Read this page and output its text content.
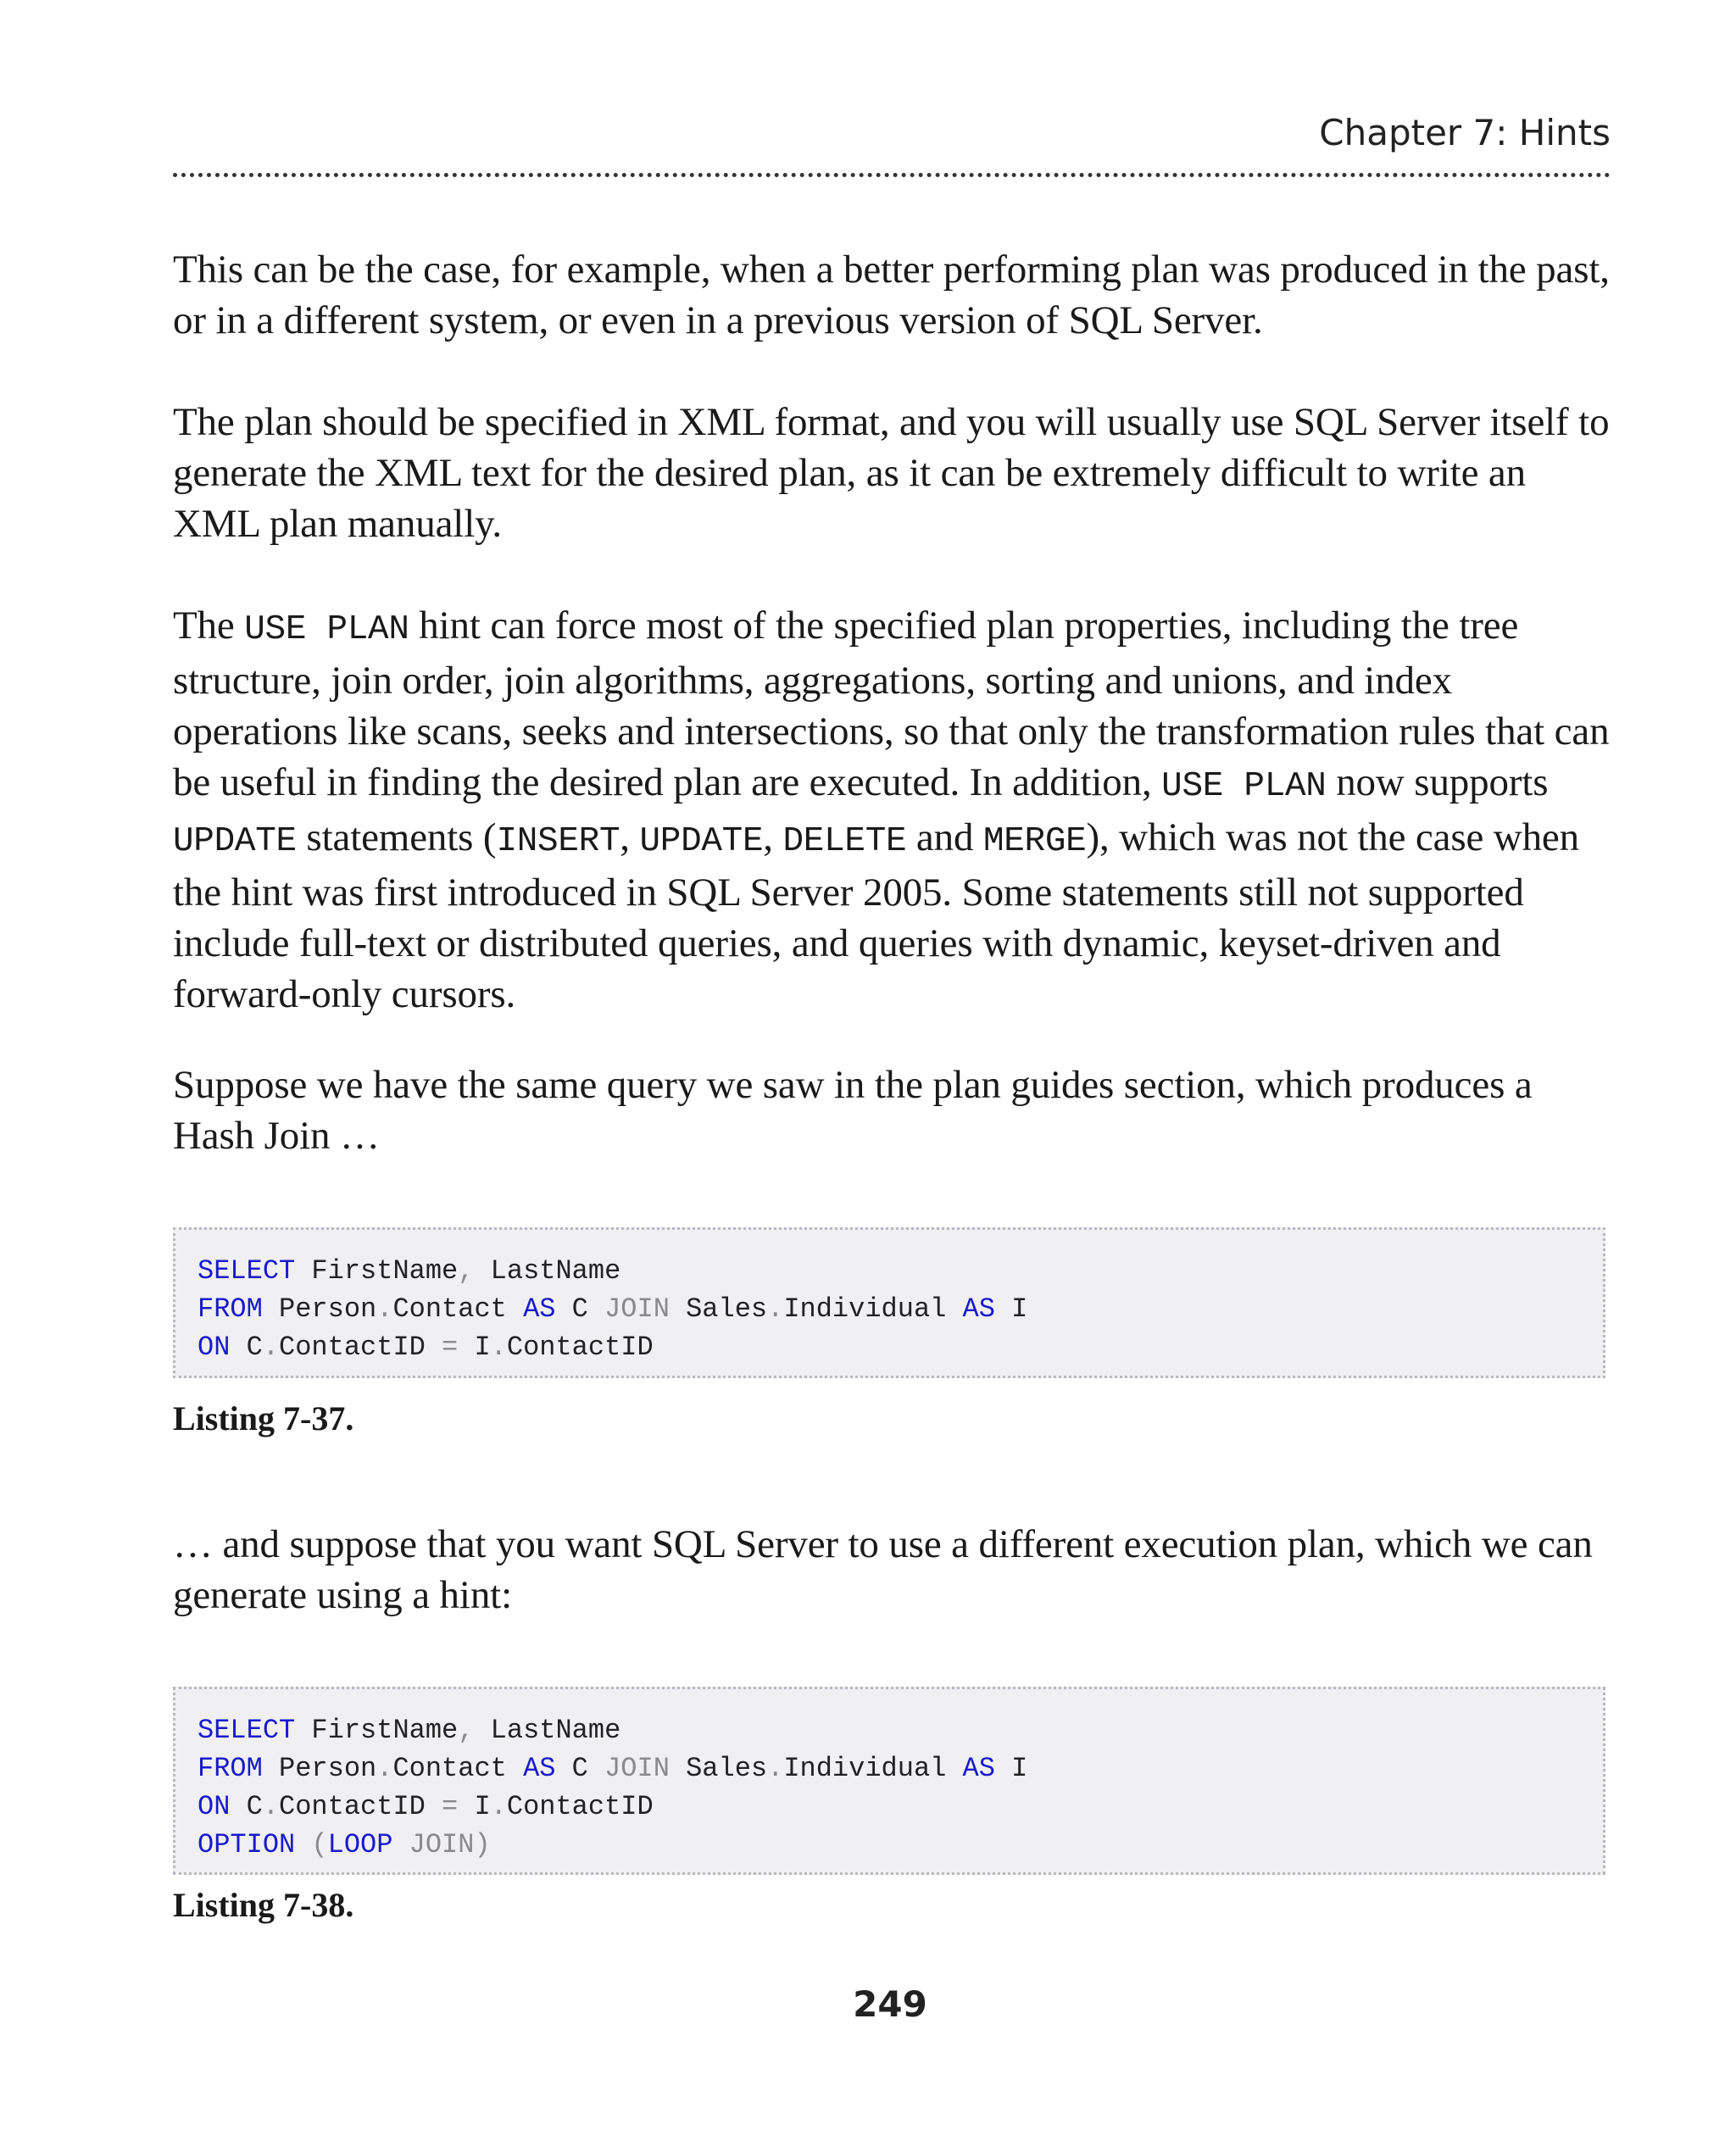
Chapter 7: Hints

This can be the case, for example, when a better performing plan was produced in the past, or in a different system, or even in a previous version of SQL Server.

The plan should be specified in XML format, and you will usually use SQL Server itself to generate the XML text for the desired plan, as it can be extremely difficult to write an XML plan manually.

The USE PLAN hint can force most of the specified plan properties, including the tree structure, join order, join algorithms, aggregations, sorting and unions, and index operations like scans, seeks and intersections, so that only the transformation rules that can be useful in finding the desired plan are executed. In addition, USE PLAN now supports UPDATE statements (INSERT, UPDATE, DELETE and MERGE), which was not the case when the hint was first introduced in SQL Server 2005. Some statements still not supported include full-text or distributed queries, and queries with dynamic, keyset-driven and forward-only cursors.

Suppose we have the same query we saw in the plan guides section, which produces a Hash Join …

SELECT FirstName, LastName
FROM Person.Contact AS C JOIN Sales.Individual AS I
ON C.ContactID = I.ContactID
Listing 7-37.

… and suppose that you want SQL Server to use a different execution plan, which we can generate using a hint:

SELECT FirstName, LastName
FROM Person.Contact AS C JOIN Sales.Individual AS I
ON C.ContactID = I.ContactID
OPTION (LOOP JOIN)
Listing 7-38.
249
